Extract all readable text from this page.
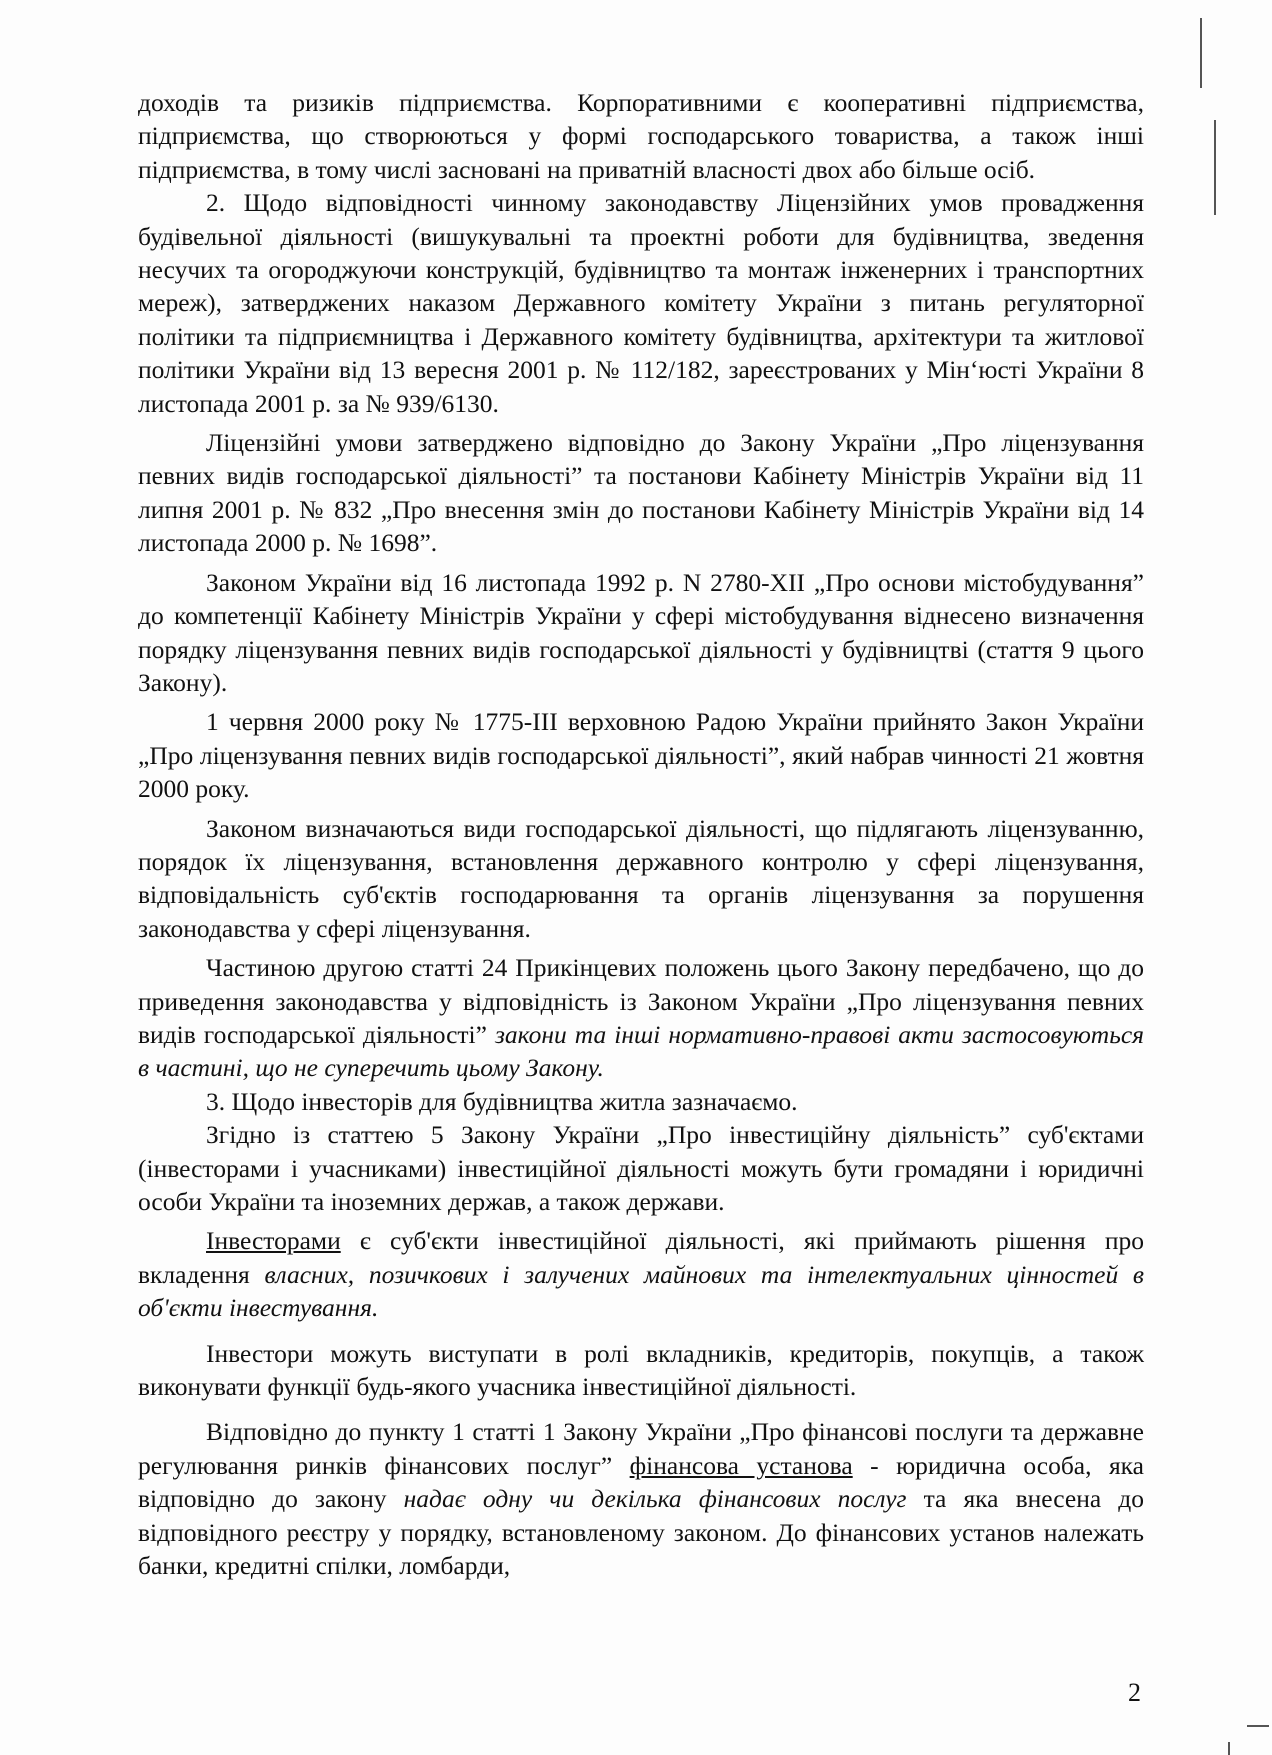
доходів та ризиків підприємства. Корпоративними є кооперативні підприємства, підприємства, що створюються у формі господарського товариства, а також інші підприємства, в тому числі засновані на приватній власності двох або більше осіб.

2. Щодо відповідності чинному законодавству Ліцензійних умов провадження будівельної діяльності (вишукувальні та проектні роботи для будівництва, зведення несучих та огороджуючи конструкцій, будівництво та монтаж інженерних і транспортних мереж), затверджених наказом Державного комітету України з питань регуляторної політики та підприємництва і Державного комітету будівництва, архітектури та житлової політики України від 13 вересня 2001 р. № 112/182, зареєстрованих у Мін‘юсті України 8 листопада 2001 р. за № 939/6130.

Ліцензійні умови затверджено відповідно до Закону України „Про ліцензування певних видів господарської діяльності” та постанови Кабінету Міністрів України від 11 липня 2001 р. № 832 „Про внесення змін до постанови Кабінету Міністрів України від 14 листопада 2000 р. № 1698”.

Законом України від 16 листопада 1992 р. N 2780-XII „Про основи містобудування” до компетенції Кабінету Міністрів України у сфері містобудування віднесено визначення порядку ліцензування певних видів господарської діяльності у будівництві (стаття 9 цього Закону).

1 червня 2000 року № 1775-III верховною Радою України прийнято Закон України „Про ліцензування певних видів господарської діяльності”, який набрав чинності 21 жовтня 2000 року.

Законом визначаються види господарської діяльності, що підлягають ліцензуванню, порядок їх ліцензування, встановлення державного контролю у сфері ліцензування, відповідальність суб'єктів господарювання та органів ліцензування за порушення законодавства у сфері ліцензування.

Частиною другою статті 24 Прикінцевих положень цього Закону передбачено, що до приведення законодавства у відповідність із Законом України „Про ліцензування певних видів господарської діяльності” закони та інші нормативно-правові акти застосовуються в частині, що не суперечить цьому Закону.

3. Щодо інвесторів для будівництва житла зазначаємо.

Згідно із статтею 5 Закону України „Про інвестиційну діяльність” суб'єктами (інвесторами і учасниками) інвестиційної діяльності можуть бути громадяни і юридичні особи України та іноземних держав, а також держави.

Інвесторами є суб'єкти інвестиційної діяльності, які приймають рішення про вкладення власних, позичкових і залучених майнових та інтелектуальних цінностей в об'єкти інвестування.

Інвестори можуть виступати в ролі вкладників, кредиторів, покупців, а також виконувати функції будь-якого учасника інвестиційної діяльності.

Відповідно до пункту 1 статті 1 Закону України „Про фінансові послуги та державне регулювання ринків фінансових послуг” фінансова установа - юридична особа, яка відповідно до закону надає одну чи декілька фінансових послуг та яка внесена до відповідного реєстру у порядку, встановленому законом. До фінансових установ належать банки, кредитні спілки, ломбарди,

2
